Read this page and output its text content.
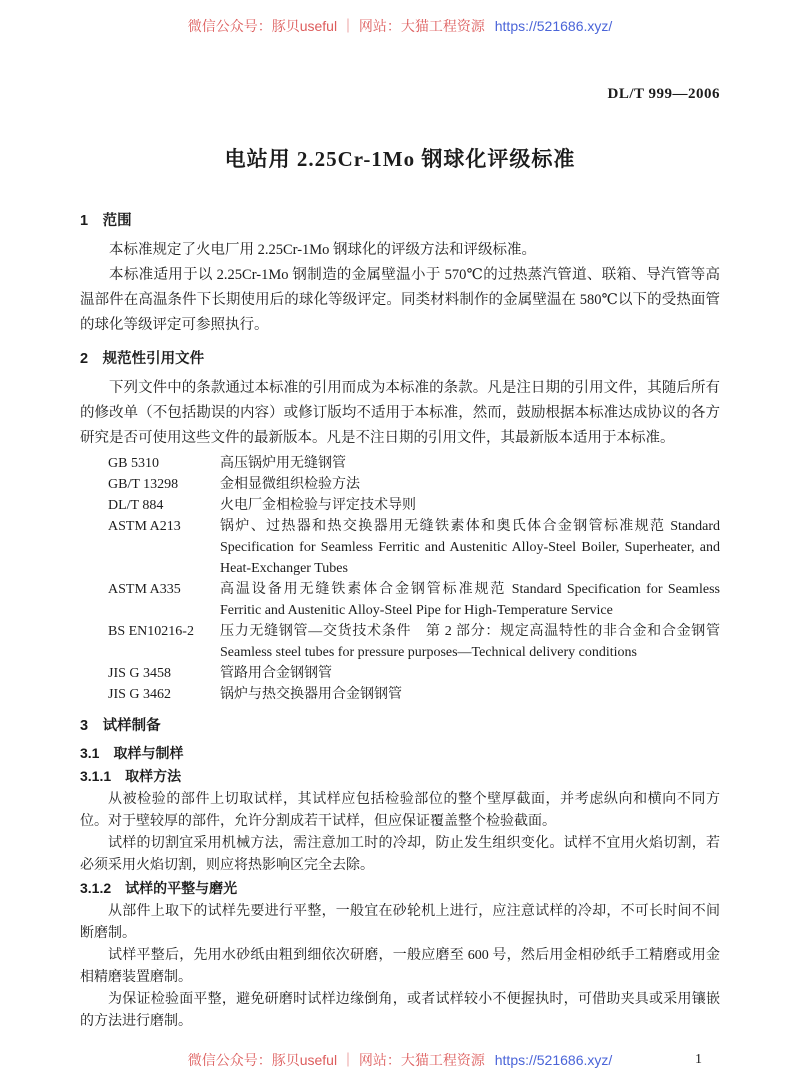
微信公众号：豚贝useful ｜ 网站：大猫工程资源 https://521686.xyz/
DL/T 999—2006
电站用 2.25Cr-1Mo 钢球化评级标准
1　范围

本标准规定了火电厂用 2.25Cr-1Mo 钢球化的评级方法和评级标准。

本标准适用于以 2.25Cr-1Mo 钢制造的金属壁温小于 570℃的过热蒸汽管道、联箱、导汽管等高温部件在高温条件下长期使用后的球化等级评定。同类材料制作的金属壁温在 580℃以下的受热面管的球化等级评定可参照执行。

2　规范性引用文件

下列文件中的条款通过本标准的引用而成为本标准的条款。凡是注日期的引用文件，其随后所有的修改单（不包括勘误的内容）或修订版均不适用于本标准，然而，鼓励根据本标准达成协议的各方研究是否可使用这些文件的最新版本。凡是不注日期的引用文件，其最新版本适用于本标准。

GB 5310	高压锅炉用无缝钢管
GB/T 13298	金相显微组织检验方法
DL/T 884	火电厂金相检验与评定技术导则
ASTM A213	锅炉、过热器和热交换器用无缝铁素体和奥氏体合金钢管标准规范 Standard Specification for Seamless Ferritic and Austenitic Alloy-Steel Boiler, Superheater, and Heat-Exchanger Tubes
ASTM A335	高温设备用无缝铁素体合金钢管标准规范 Standard Specification for Seamless Ferritic and Austenitic Alloy-Steel Pipe for High-Temperature Service
BS EN10216-2	压力无缝钢管—交货技术条件　第 2 部分：规定高温特性的非合金和合金钢管 Seamless steel tubes for pressure purposes—Technical delivery conditions
JIS G 3458	管路用合金钢钢管
JIS G 3462	锅炉与热交换器用合金钢钢管
3　试样制备
3.1　取样与制样
3.1.1　取样方法

从被检验的部件上切取试样，其试样应包括检验部位的整个壁厚截面，并考虑纵向和横向不同方位。对于壁较厚的部件，允许分割成若干试样，但应保证覆盖整个检验截面。

试样的切割宜采用机械方法，需注意加工时的冷却，防止发生组织变化。试样不宜用火焰切割，若必须采用火焰切割，则应将热影响区完全去除。

3.1.2　试样的平整与磨光

从部件上取下的试样先要进行平整，一般宜在砂轮机上进行，应注意试样的冷却，不可长时间不间断磨制。

试样平整后，先用水砂纸由粗到细依次研磨，一般应磨至 600 号，然后用金相砂纸手工精磨或用金相精磨装置磨制。

为保证检验面平整，避免研磨时试样边缘倒角，或者试样较小不便握执时，可借助夹具或采用镶嵌的方法进行磨制。

微信公众号：豚贝useful ｜ 网站：大猫工程资源 https://521686.xyz/	1
